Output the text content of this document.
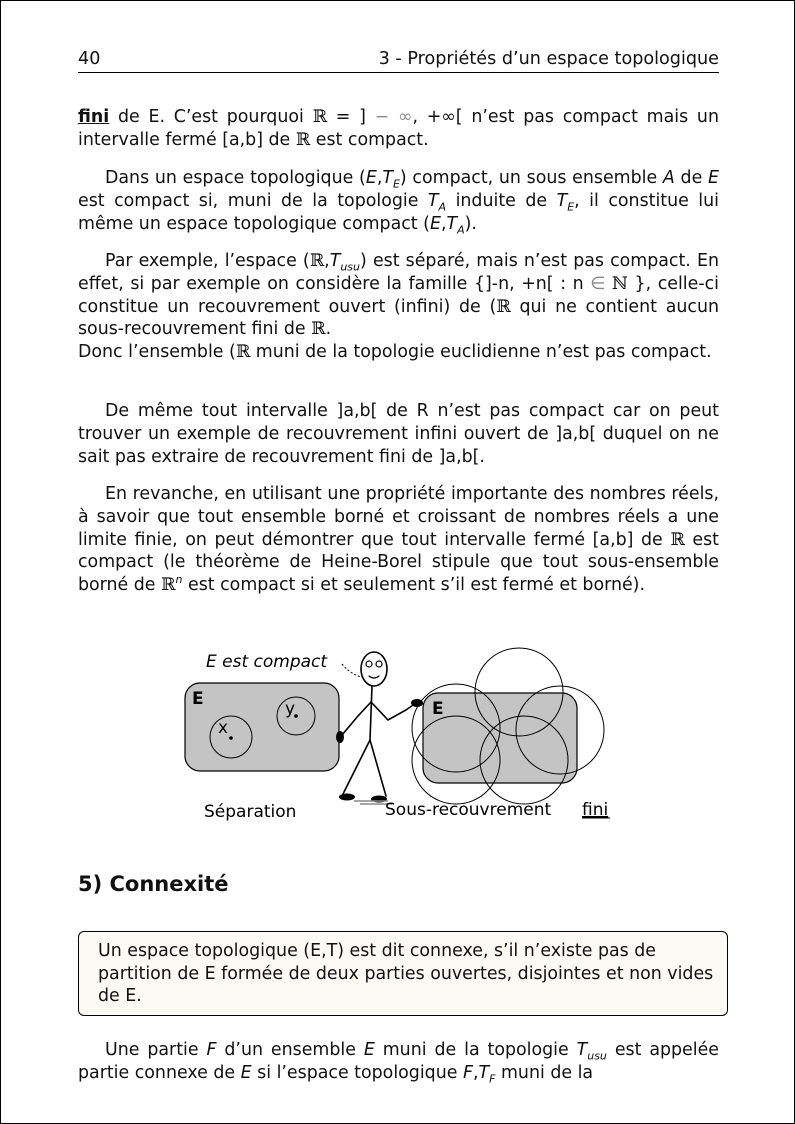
40	3 - Propriétés d’un espace topologique

fini de E. C’est pourquoi ℝ = ] − ∞, +∞[ n’est pas compact mais un intervalle fermé [a,b] de ℝ est compact.

Dans un espace topologique $(E,T_E)$ compact, un sous ensemble A de E est compact si, muni de la topologie $T_A$ induite de $T_E$, il constitue lui même un espace topologique compact $(E,T_A)$.

Par exemple, l’espace $(ℝ,T_{usu})$ est séparé, mais n’est pas compact. En effet, si par exemple on considère la famille {]-n, +n[ : n ∈ ℕ }, celle-ci constitue un recouvrement ouvert (infini) de (ℝ qui ne contient aucun sous-recouvrement fini de ℝ.

Donc l’ensemble (ℝ muni de la topologie euclidienne n’est pas compact.

De même tout intervalle ]a,b[ de R n’est pas compact car on peut trouver un exemple de recouvrement infini ouvert de ]a,b[ duquel on ne sait pas extraire de recouvrement fini de ]a,b[.

En revanche, en utilisant une propriété importante des nombres réels, à savoir que tout ensemble borné et croissant de nombres réels a une limite finie, on peut démontrer que tout intervalle fermé [a,b] de ℝ est compact (le théorème de Heine-Borel stipule que tout sous-ensemble borné de ℝ$^n$ est compact si et seulement s’il est fermé et borné).

E est compact
E
x
y	E
Séparation	Sous-recouvrement fini
5) Connexité

Un espace topologique (E,T) est dit connexe, s’il n’existe pas de partition de E formée de deux parties ouvertes, disjointes et non vides de E.

Une partie F d’un ensemble E muni de la topologie $T_{usu}$ est appelée partie connexe de E si l’espace topologique $F,T_F$ muni de la
